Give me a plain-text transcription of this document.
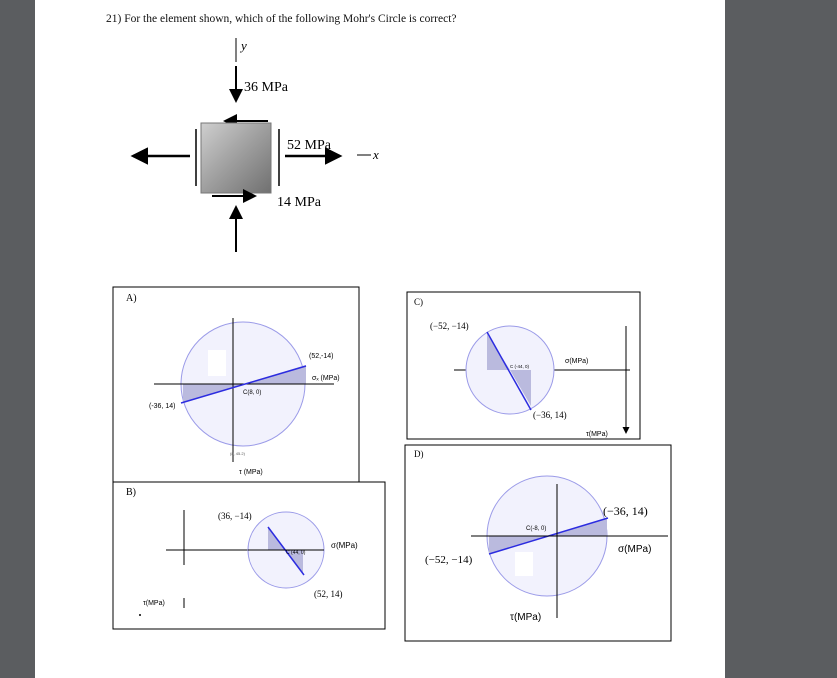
21) For the element shown, which of the following Mohr's Circle is correct?
y
36 MPa
52 MPa
x
14 MPa
A)
(52,-14)
σₓ (MPa)
C(8, 0)
(-36, 14)
(8, 45.2)
τ (MPa)
B)
(36, −14)
C (44, 0)
σ(MPa)
(52, 14)
τ(MPa)
C)
(−52, −14)
C (-44, 0)
σ(MPa)
(−36, 14)
τ(MPa)
D)
(−36, 14)
C(-8, 0)
σ(MPa)
(−52, −14)
τ(MPa)
